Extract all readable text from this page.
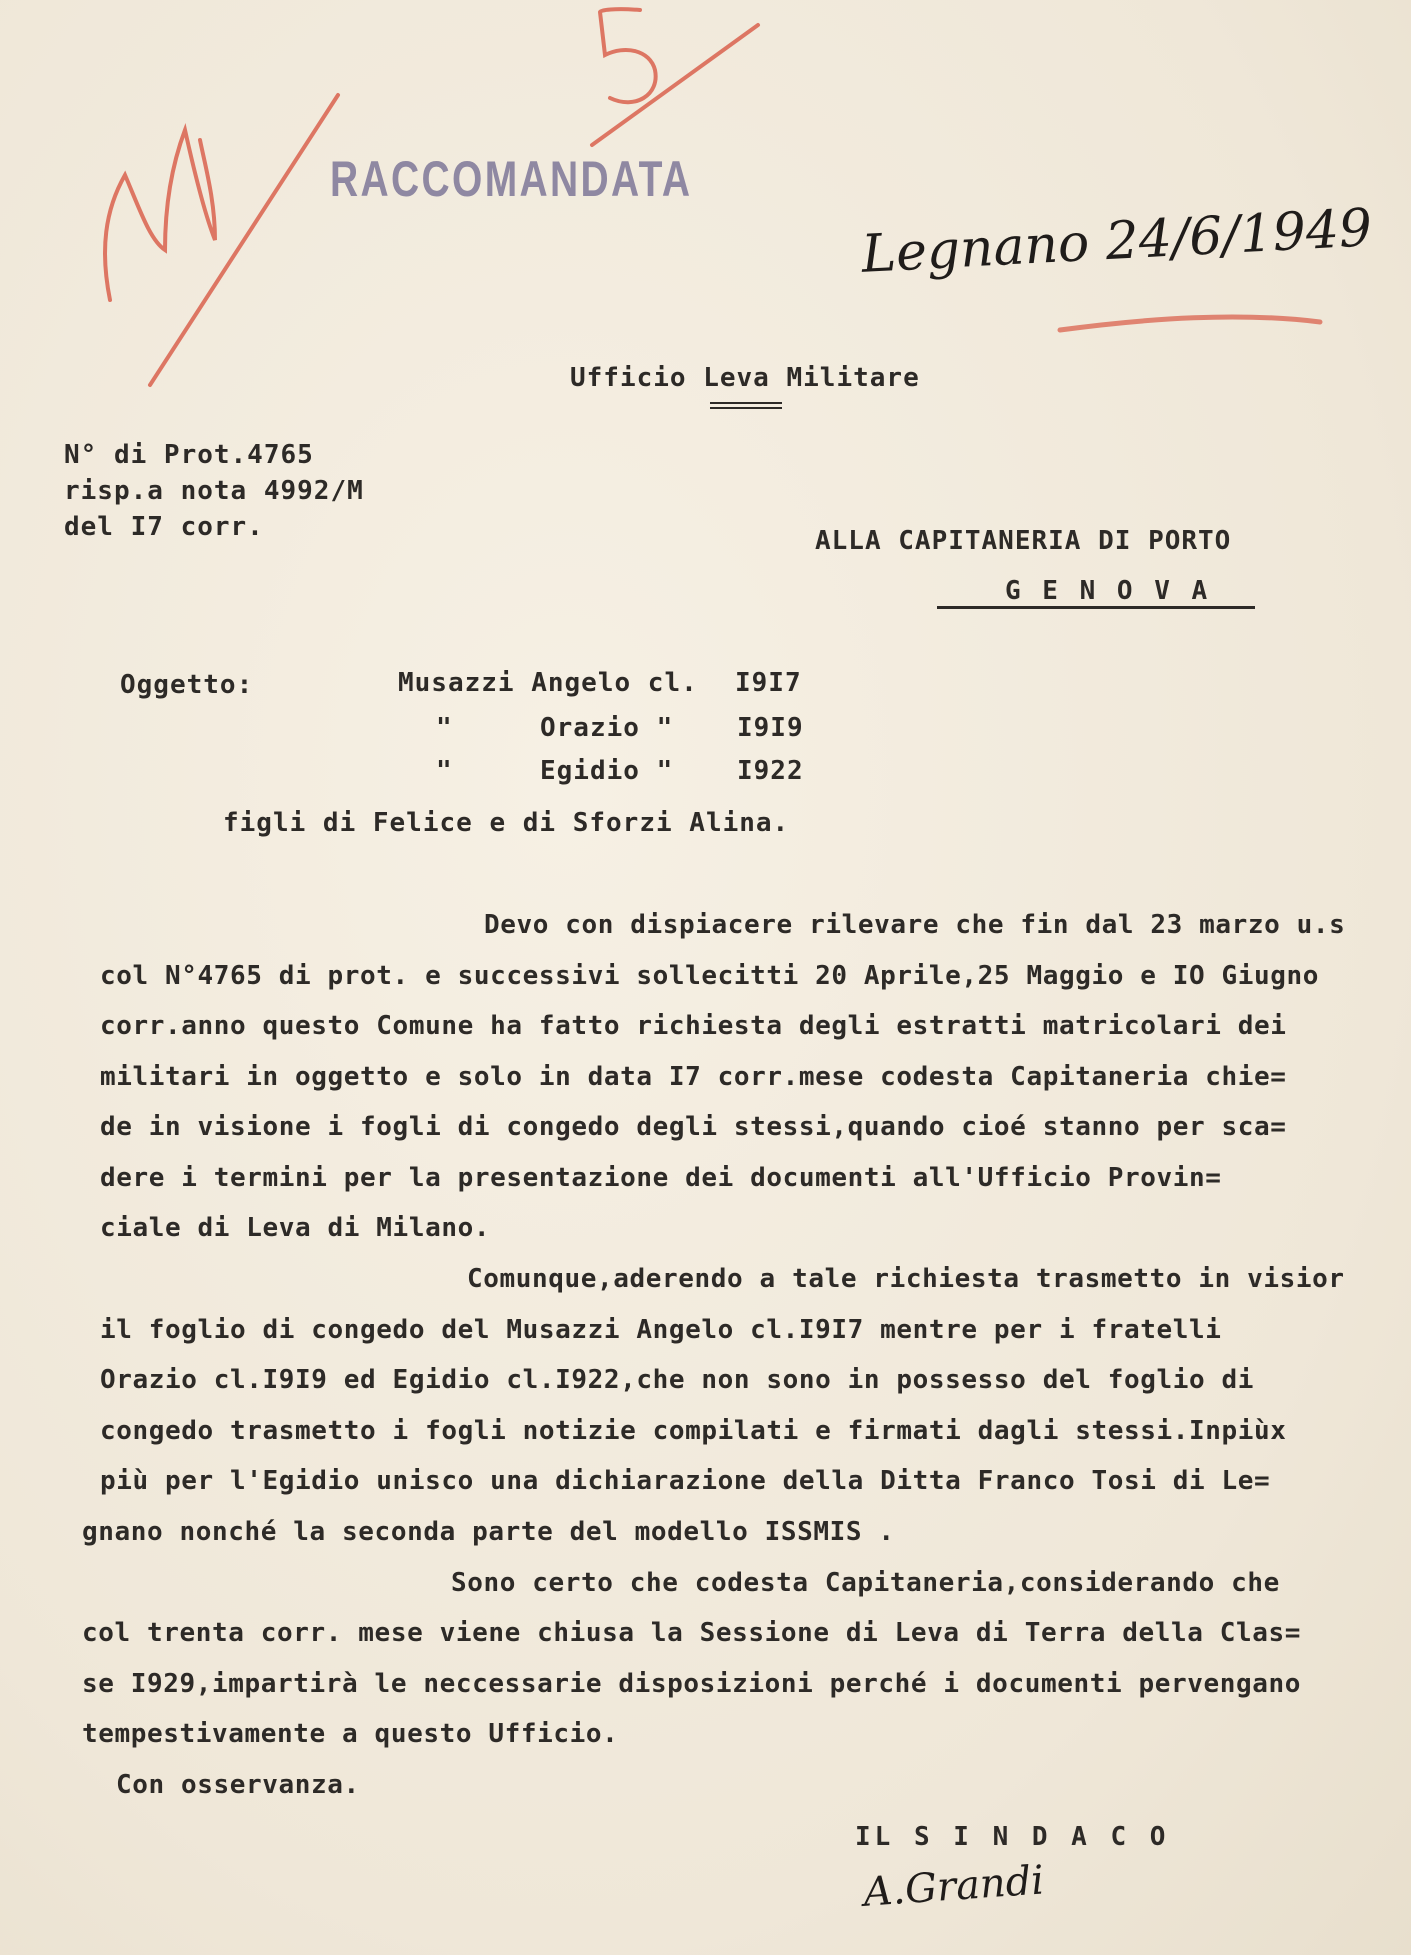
RACCOMANDATA
Legnano 24/6/1949
Ufficio Leva Militare
N° di Prot.4765
risp.a nota 4992/M
del I7 corr.	ALLA CAPITANERIA DI PORTO
G E N O V A
Oggetto:	Musazzi Angelo cl. I9I7
"	Orazio " I9I9
"	Egidio " I922
figli di Felice e di Sforzi Alina.
Devo con dispiacere rilevare che fin dal 23 marzo u.s
col N°4765 di prot. e successivi sollecitti 20 Aprile,25 Maggio e IO Giugno
corr.anno questo Comune ha fatto richiesta degli estratti matricolari dei
militari in oggetto e solo in data I7 corr.mese codesta Capitaneria chie=
de in visione i fogli di congedo degli stessi,quando cioé stanno per sca=
dere i termini per la presentazione dei documenti all'Ufficio Provin=
ciale di Leva di Milano.
Comunque,aderendo a tale richiesta trasmetto in visior
il foglio di congedo del Musazzi Angelo cl.I9I7 mentre per i fratelli
Orazio cl.I9I9 ed Egidio cl.I922,che non sono in possesso del foglio di
congedo trasmetto i fogli notizie compilati e firmati dagli stessi.Inpiùx
più per l'Egidio unisco una dichiarazione della Ditta Franco Tosi di Le=
gnano nonché la seconda parte del modello ISSMIS .
Sono certo che codesta Capitaneria,considerando che
col trenta corr. mese viene chiusa la Sessione di Leva di Terra della Clas=
se I929,impartirà le neccessarie disposizioni perché i documenti pervengano
tempestivamente a questo Ufficio.
Con osservanza.
IL S I N D A C O
A.Grandi
